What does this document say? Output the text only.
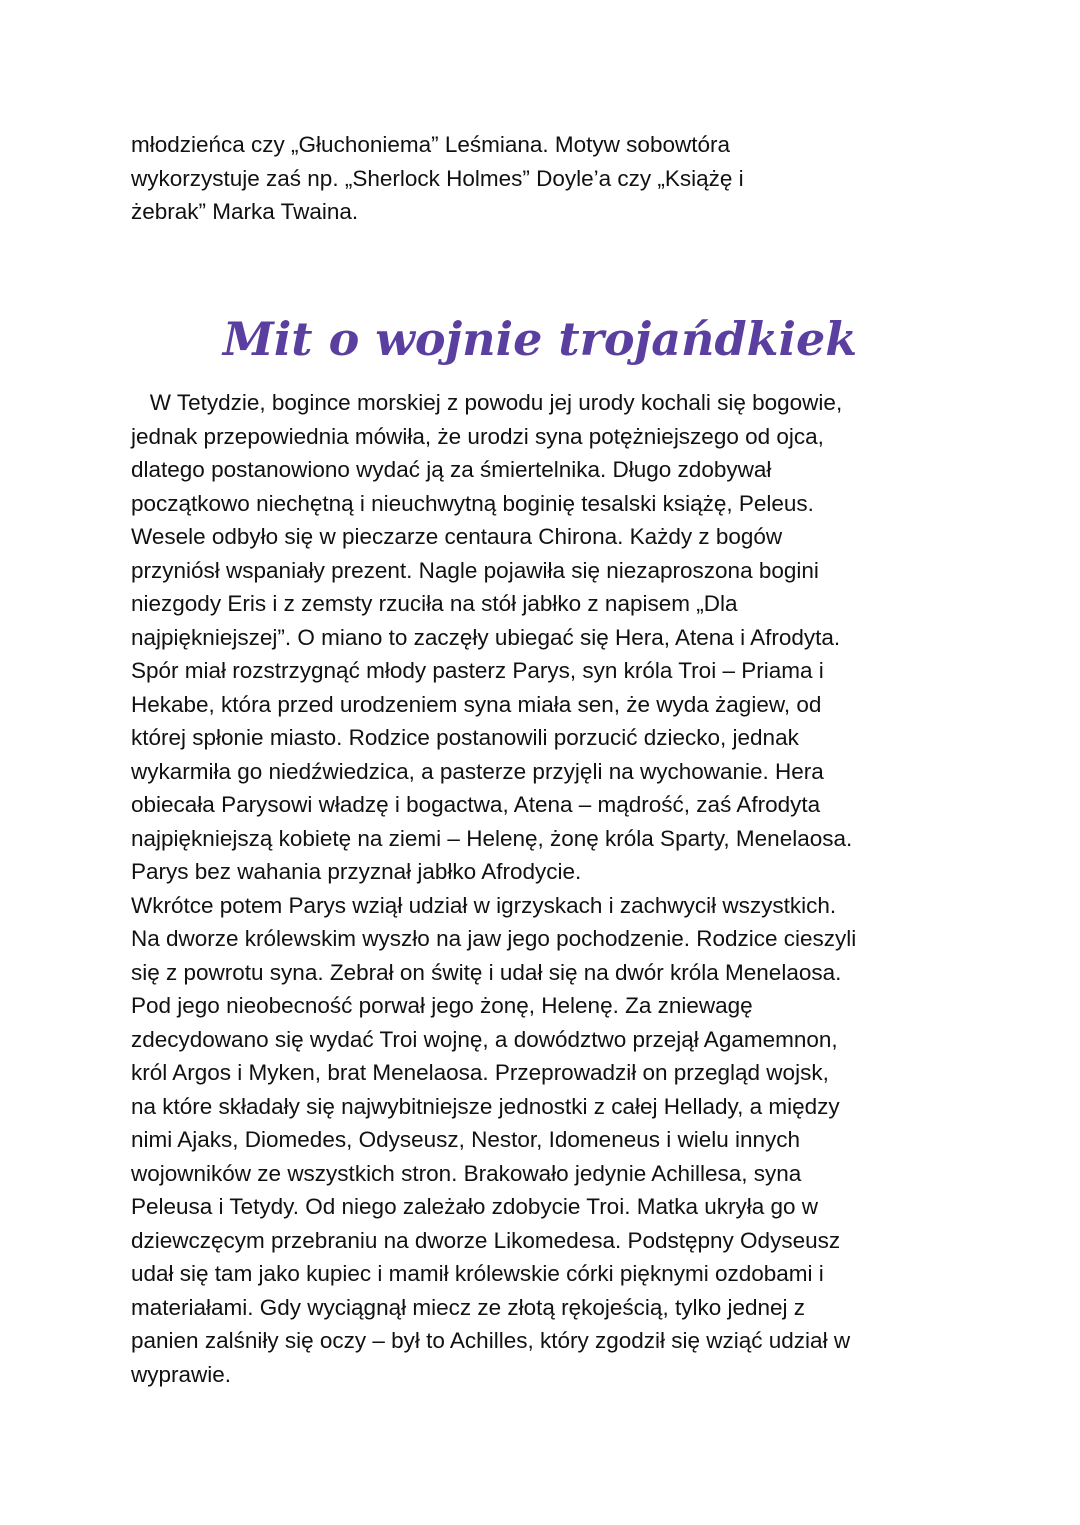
młodzieńca czy „Głuchoniema” Leśmiana. Motyw sobowtóra
wykorzystuje zaś np. „Sherlock Holmes” Doyle’a czy „Książę i
żebrak” Marka Twaina.
Mit o wojnie trojańdkiek
W Tetydzie, bogince morskiej z powodu jej urody kochali się bogowie,
jednak przepowiednia mówiła, że urodzi syna potężniejszego od ojca,
dlatego postanowiono wydać ją za śmiertelnika. Długo zdobywał
początkowo niechętną i nieuchwytną boginię tesalski książę, Peleus.
Wesele odbyło się w pieczarze centaura Chirona. Każdy z bogów
przyniósł wspaniały prezent. Nagle pojawiła się niezaproszona bogini
niezgody Eris i z zemsty rzuciła na stół jabłko z napisem „Dla
najpiękniejszej”. O miano to zaczęły ubiegać się Hera, Atena i Afrodyta.
Spór miał rozstrzygnąć młody pasterz Parys, syn króla Troi – Priama i
Hekabe, która przed urodzeniem syna miała sen, że wyda żagiew, od
której spłonie miasto. Rodzice postanowili porzucić dziecko, jednak
wykarmiła go niedźwiedzica, a pasterze przyjęli na wychowanie. Hera
obiecała Parysowi władzę i bogactwa, Atena – mądrość, zaś Afrodyta
najpiękniejszą kobietę na ziemi – Helenę, żonę króla Sparty, Menelaosa.
Parys bez wahania przyznał jabłko Afrodycie.
Wkrótce potem Parys wziął udział w igrzyskach i zachwycił wszystkich.
Na dworze królewskim wyszło na jaw jego pochodzenie. Rodzice cieszyli
się z powrotu syna. Zebrał on świtę i udał się na dwór króla Menelaosa.
Pod jego nieobecność porwał jego żonę, Helenę. Za zniewagę
zdecydowano się wydać Troi wojnę, a dowództwo przejął Agamemnon,
król Argos i Myken, brat Menelaosa. Przeprowadził on przegląd wojsk,
na które składały się najwybitniejsze jednostki z całej Hellady, a między
nimi Ajaks, Diomedes, Odyseusz, Nestor, Idomeneus i wielu innych
wojowników ze wszystkich stron. Brakowało jedynie Achillesa, syna
Peleusa i Tetydy. Od niego zależało zdobycie Troi. Matka ukryła go w
dziewczęcym przebraniu na dworze Likomedesa. Podstępny Odyseusz
udał się tam jako kupiec i mamił królewskie córki pięknymi ozdobami i
materiałami. Gdy wyciągnął miecz ze złotą rękojeścią, tylko jednej z
panien zalśniły się oczy – był to Achilles, który zgodził się wziąć udział w
wyprawie.
